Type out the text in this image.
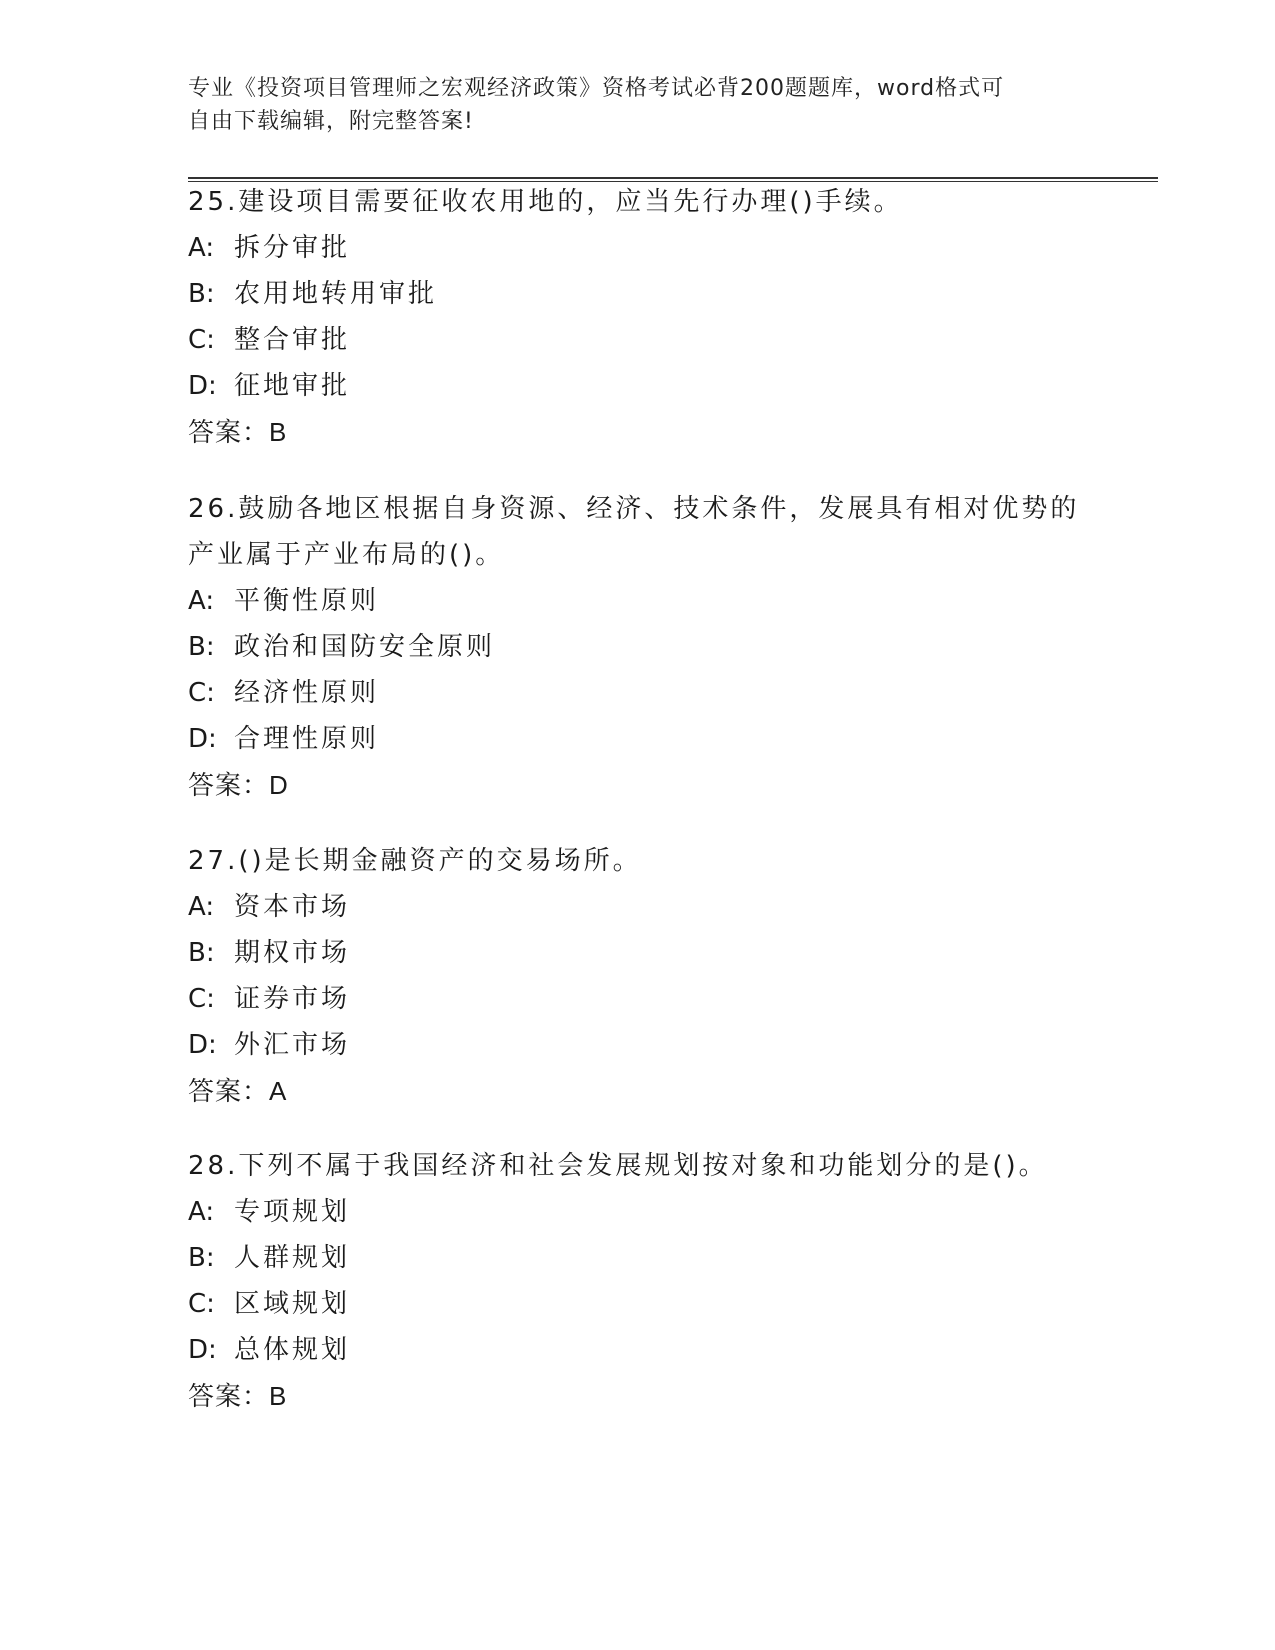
专业《投资项目管理师之宏观经济政策》资格考试必背200题题库，word格式可
自由下载编辑，附完整答案!

25.建设项目需要征收农用地的，应当先行办理()手续。

A: 拆分审批
B: 农用地转用审批
C: 整合审批
D: 征地审批

答案：B

26.鼓励各地区根据自身资源、经济、技术条件，发展具有相对优势的

产业属于产业布局的()。

A: 平衡性原则
B: 政治和国防安全原则
C: 经济性原则
D: 合理性原则

答案：D

27.()是长期金融资产的交易场所。

A: 资本市场
B: 期权市场
C: 证券市场
D: 外汇市场

答案：A

28.下列不属于我国经济和社会发展规划按对象和功能划分的是()。

A: 专项规划
B: 人群规划
C: 区域规划
D: 总体规划

答案：B
